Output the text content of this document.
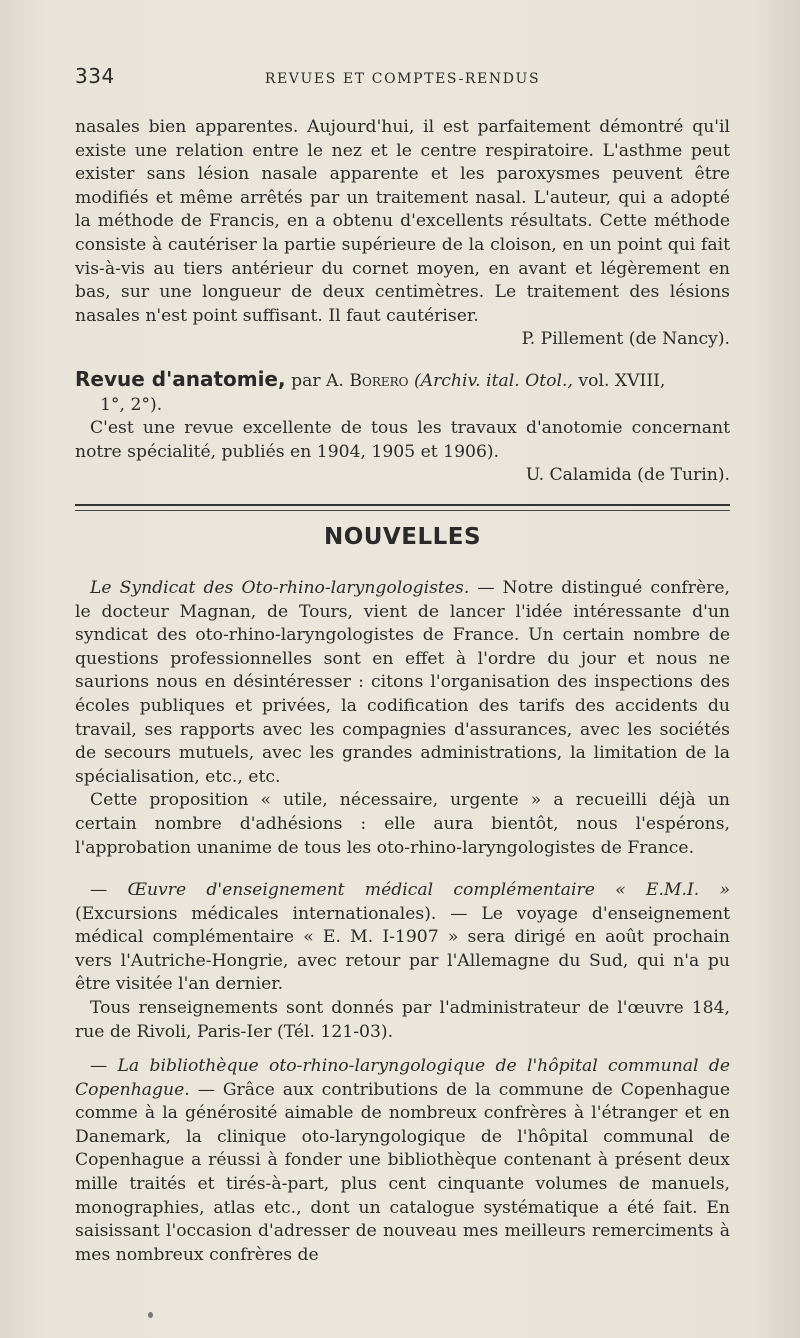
334	REVUES ET COMPTES-RENDUS

nasales bien apparentes. Aujourd'hui, il est parfaitement démontré qu'il existe une relation entre le nez et le centre respiratoire. L'asthme peut exister sans lésion nasale apparente et les paroxysmes peuvent être modifiés et même arrêtés par un traitement nasal. L'auteur, qui a adopté la méthode de Francis, en a obtenu d'excellents résultats. Cette méthode consiste à cautériser la partie supérieure de la cloison, en un point qui fait vis-à-vis au tiers antérieur du cornet moyen, en avant et légèrement en bas, sur une longueur de deux centimètres. Le traitement des lésions nasales n'est point suffisant. Il faut cautériser.

P. Pillement (de Nancy).

Revue d'anatomie, par A. Borero (Archiv. ital. Otol., vol. XVIII,

1°, 2°).

C'est une revue excellente de tous les travaux d'anotomie concernant notre spécialité, publiés en 1904, 1905 et 1906).

U. Calamida (de Turin).

NOUVELLES

Le Syndicat des Oto-rhino-laryngologistes. — Notre distingué confrère, le docteur Magnan, de Tours, vient de lancer l'idée intéressante d'un syndicat des oto-rhino-laryngologistes de France. Un certain nombre de questions professionnelles sont en effet à l'ordre du jour et nous ne saurions nous en désintéresser : citons l'organisation des inspections des écoles publiques et privées, la codification des tarifs des accidents du travail, ses rapports avec les compagnies d'assurances, avec les sociétés de secours mutuels, avec les grandes administrations, la limitation de la spécialisation, etc., etc.

Cette proposition « utile, nécessaire, urgente » a recueilli déjà un certain nombre d'adhésions : elle aura bientôt, nous l'espérons, l'approbation unanime de tous les oto-rhino-laryngologistes de France.

— Œuvre d'enseignement médical complémentaire « E.M.I. » (Excursions médicales internationales). — Le voyage d'enseignement médical complémentaire « E. M. I-1907 » sera dirigé en août prochain vers l'Autriche-Hongrie, avec retour par l'Allemagne du Sud, qui n'a pu être visitée l'an dernier.

Tous renseignements sont donnés par l'administrateur de l'œuvre 184, rue de Rivoli, Paris-Ier (Tél. 121-03).

— La bibliothèque oto-rhino-laryngologique de l'hôpital communal de Copenhague. — Grâce aux contributions de la commune de Copenhague comme à la générosité aimable de nombreux confrères à l'étranger et en Danemark, la clinique oto-laryngologique de l'hôpital communal de Copenhague a réussi à fonder une bibliothèque contenant à présent deux mille traités et tirés-à-part, plus cent cinquante volumes de manuels, monographies, atlas etc., dont un catalogue systématique a été fait. En saisissant l'occasion d'adresser de nouveau mes meilleurs remerciments à mes nombreux confrères de
